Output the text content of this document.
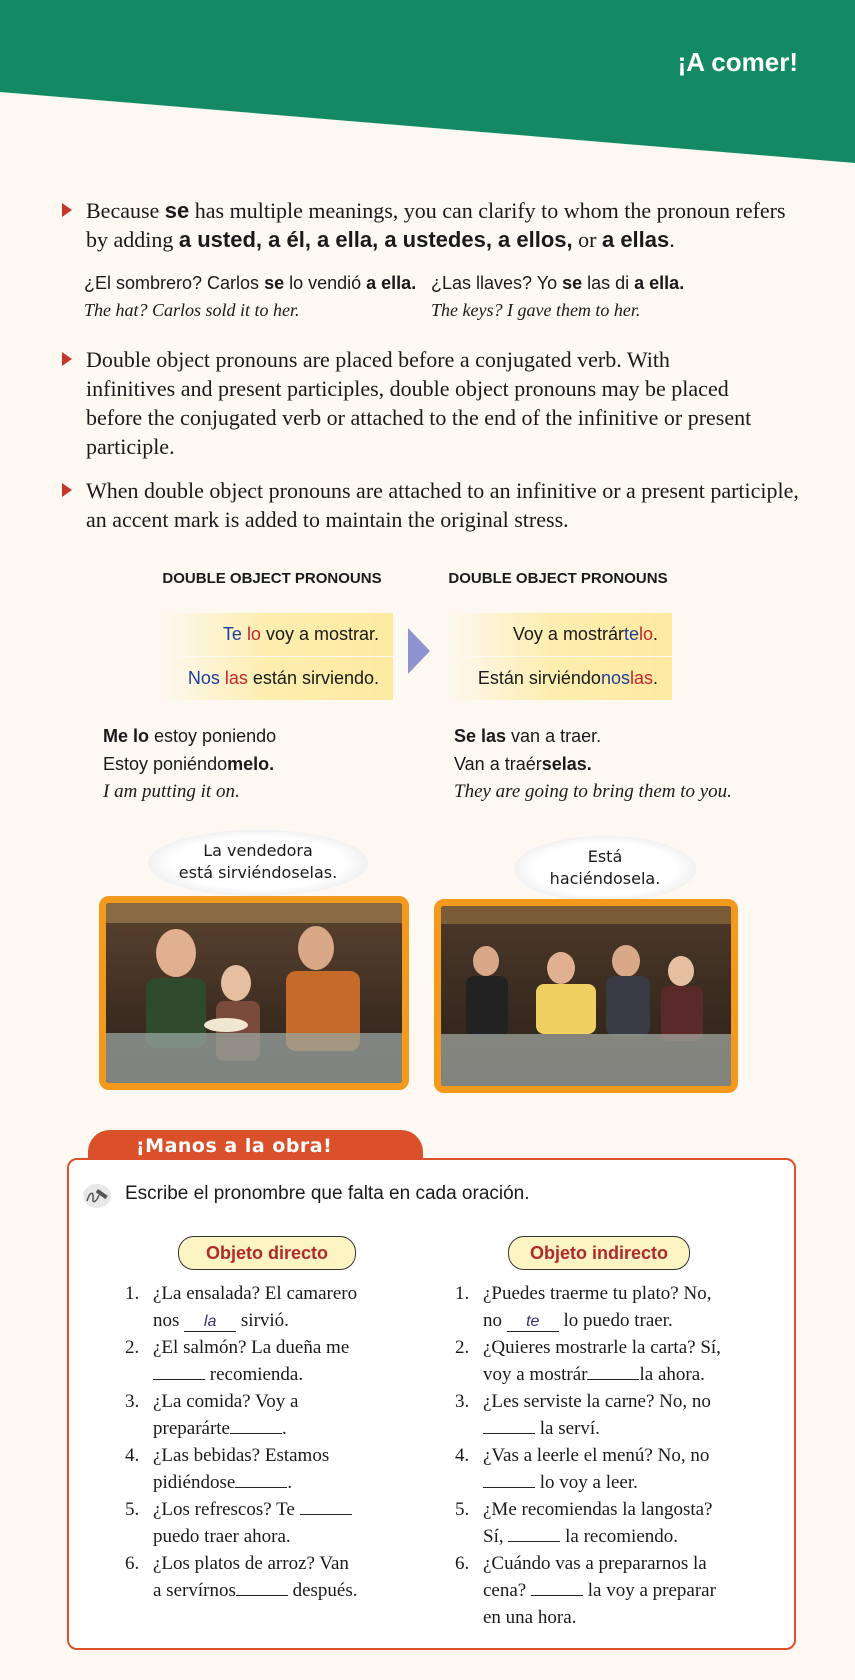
¡A comer!
Because se has multiple meanings, you can clarify to whom the pronoun refers by adding a usted, a él, a ella, a ustedes, a ellos, or a ellas.
¿El sombrero? Carlos se lo vendió a ella.
The hat? Carlos sold it to her.
¿Las llaves? Yo se las di a ella.
The keys? I gave them to her.
Double object pronouns are placed before a conjugated verb. With infinitives and present participles, double object pronouns may be placed before the conjugated verb or attached to the end of the infinitive or present participle.
When double object pronouns are attached to an infinitive or a present participle, an accent mark is added to maintain the original stress.
DOUBLE OBJECT PRONOUNS	DOUBLE OBJECT PRONOUNS
Te lo voy a mostrar.
Nos las están sirviendo.
Voy a mostrártelo.
Están sirviéndonoslas.
Me lo estoy poniendo
Estoy poniéndomelo.
I am putting it on.
Se las van a traer.
Van a traérselas.
They are going to bring them to you.
La vendedora
está sirviéndoselas.
Está
haciéndosela.
¡Manos a la obra!
Escribe el pronombre que falta en cada oración.
Objeto directo	Objeto indirecto
1. ¿La ensalada? El camarero
nos la sirvió.
2. ¿El salmón? La dueña me
recomienda.
3. ¿La comida? Voy a
preparárte	.
4. ¿Las bebidas? Estamos
pidiéndose	.
5. ¿Los refrescos? Te
puedo traer ahora.
6. ¿Los platos de arroz? Van
a servírnos	después.
1. ¿Puedes traerme tu plato? No,
no te lo puedo traer.
2. ¿Quieres mostrarle la carta? Sí,
voy a mostrár	la ahora.
3. ¿Les serviste la carne? No, no
la serví.
4. ¿Vas a leerle el menú? No, no
lo voy a leer.
5. ¿Me recomiendas la langosta?
Sí,	la recomiendo.
6. ¿Cuándo vas a prepararnos la
cena?	la voy a preparar
en una hora.
